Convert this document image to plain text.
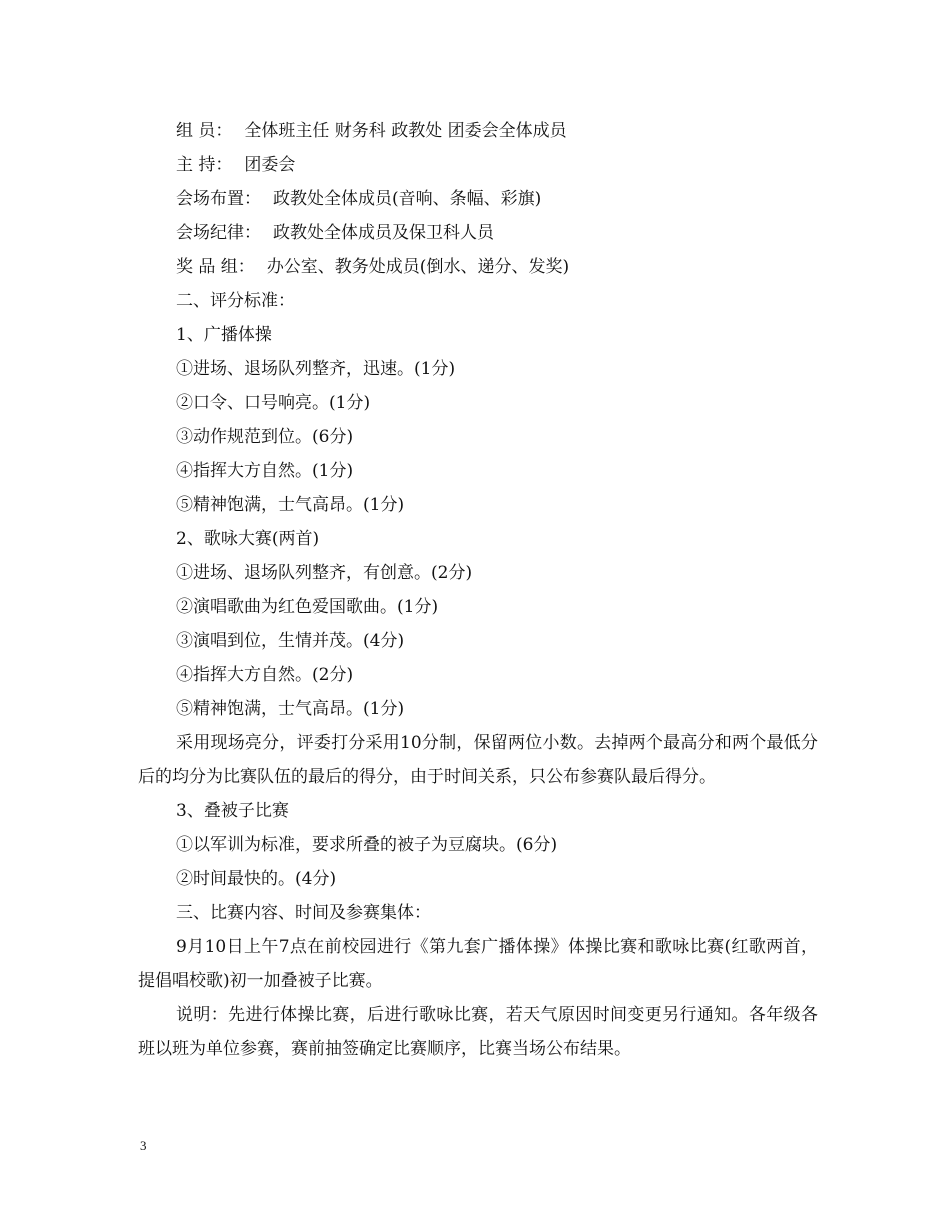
组 员： 全体班主任 财务科 政教处 团委会全体成员
主 持： 团委会
会场布置： 政教处全体成员(音响、条幅、彩旗)
会场纪律： 政教处全体成员及保卫科人员
奖 品 组： 办公室、教务处成员(倒水、递分、发奖)

二、评分标准：

1、广播体操

①进场、退场队列整齐，迅速。(1分)

②口令、口号响亮。(1分)

③动作规范到位。(6分)

④指挥大方自然。(1分)

⑤精神饱满，士气高昂。(1分)

2、歌咏大赛(两首)

①进场、退场队列整齐，有创意。(2分)

②演唱歌曲为红色爱国歌曲。(1分)

③演唱到位，生情并茂。(4分)

④指挥大方自然。(2分)

⑤精神饱满，士气高昂。(1分)

采用现场亮分，评委打分采用10分制，保留两位小数。去掉两个最高分和两个最低分后的均分为比赛队伍的最后的得分，由于时间关系，只公布参赛队最后得分。

3、叠被子比赛

①以军训为标准，要求所叠的被子为豆腐块。(6分)

②时间最快的。(4分)

三、比赛内容、时间及参赛集体：

9月10日上午7点在前校园进行《第九套广播体操》体操比赛和歌咏比赛(红歌两首，提倡唱校歌)初一加叠被子比赛。

说明：先进行体操比赛，后进行歌咏比赛，若天气原因时间变更另行通知。各年级各班以班为单位参赛，赛前抽签确定比赛顺序，比赛当场公布结果。

3
